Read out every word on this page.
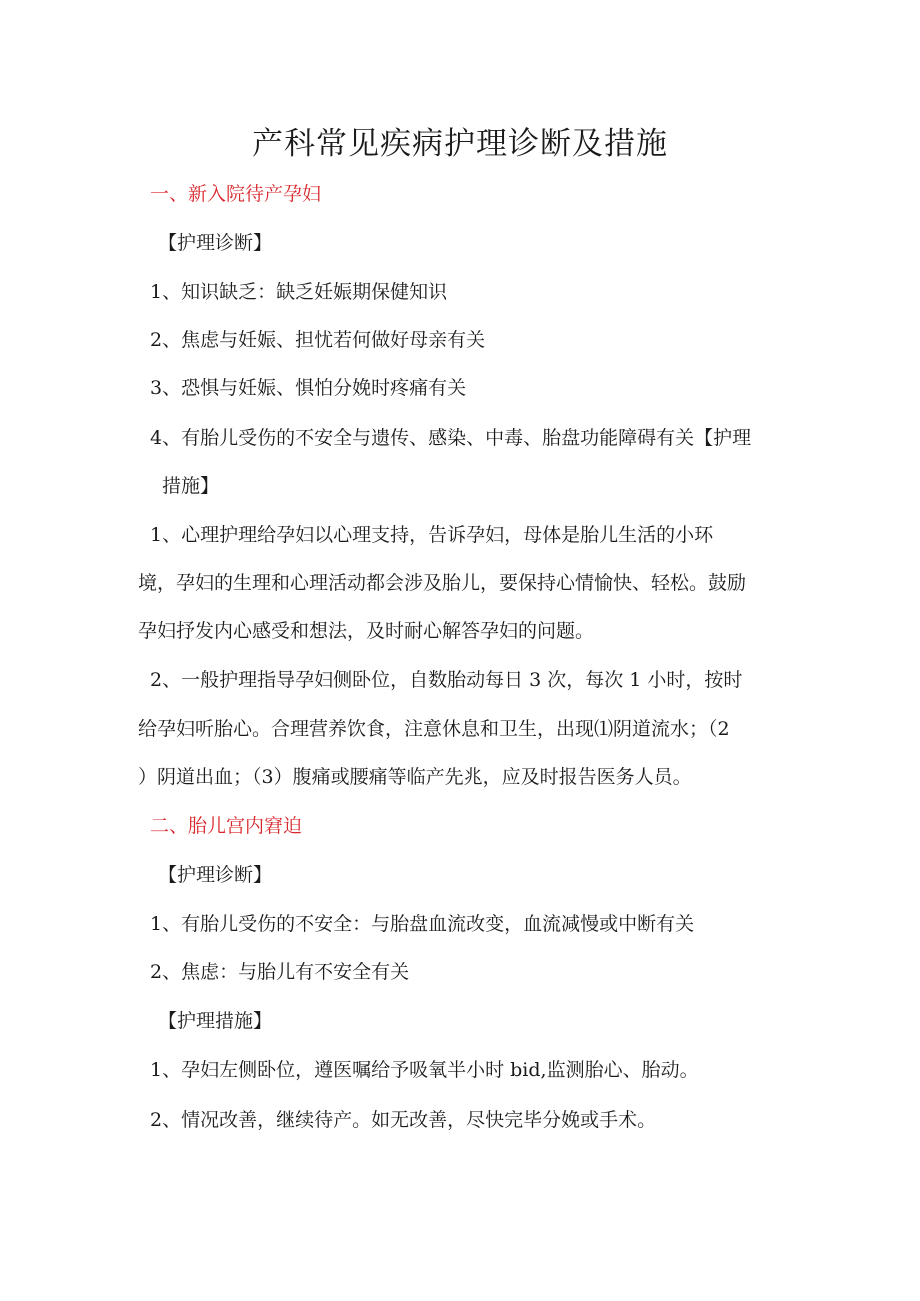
产科常见疾病护理诊断及措施
一、新入院待产孕妇
【护理诊断】
1、知识缺乏：缺乏妊娠期保健知识
2、焦虑与妊娠、担忧若何做好母亲有关
3、恐惧与妊娠、惧怕分娩时疼痛有关
4、有胎儿受伤的不安全与遗传、感染、中毒、胎盘功能障碍有关【护理
措施】
1、心理护理给孕妇以心理支持，告诉孕妇，母体是胎儿生活的小环
境，孕妇的生理和心理活动都会涉及胎儿，要保持心情愉快、轻松。鼓励
孕妇抒发内心感受和想法，及时耐心解答孕妇的问题。
2、一般护理指导孕妇侧卧位，自数胎动每日 3 次，每次 1 小时，按时
给孕妇听胎心。合理营养饮食，注意休息和卫生，出现⑴阴道流水；（2
）阴道出血；（3）腹痛或腰痛等临产先兆，应及时报告医务人员。
二、胎儿宫内窘迫
【护理诊断】
1、有胎儿受伤的不安全：与胎盘血流改变，血流减慢或中断有关
2、焦虑：与胎儿有不安全有关
【护理措施】
1、孕妇左侧卧位，遵医嘱给予吸氧半小时 bid,监测胎心、胎动。
2、情况改善，继续待产。如无改善，尽快完毕分娩或手术。
